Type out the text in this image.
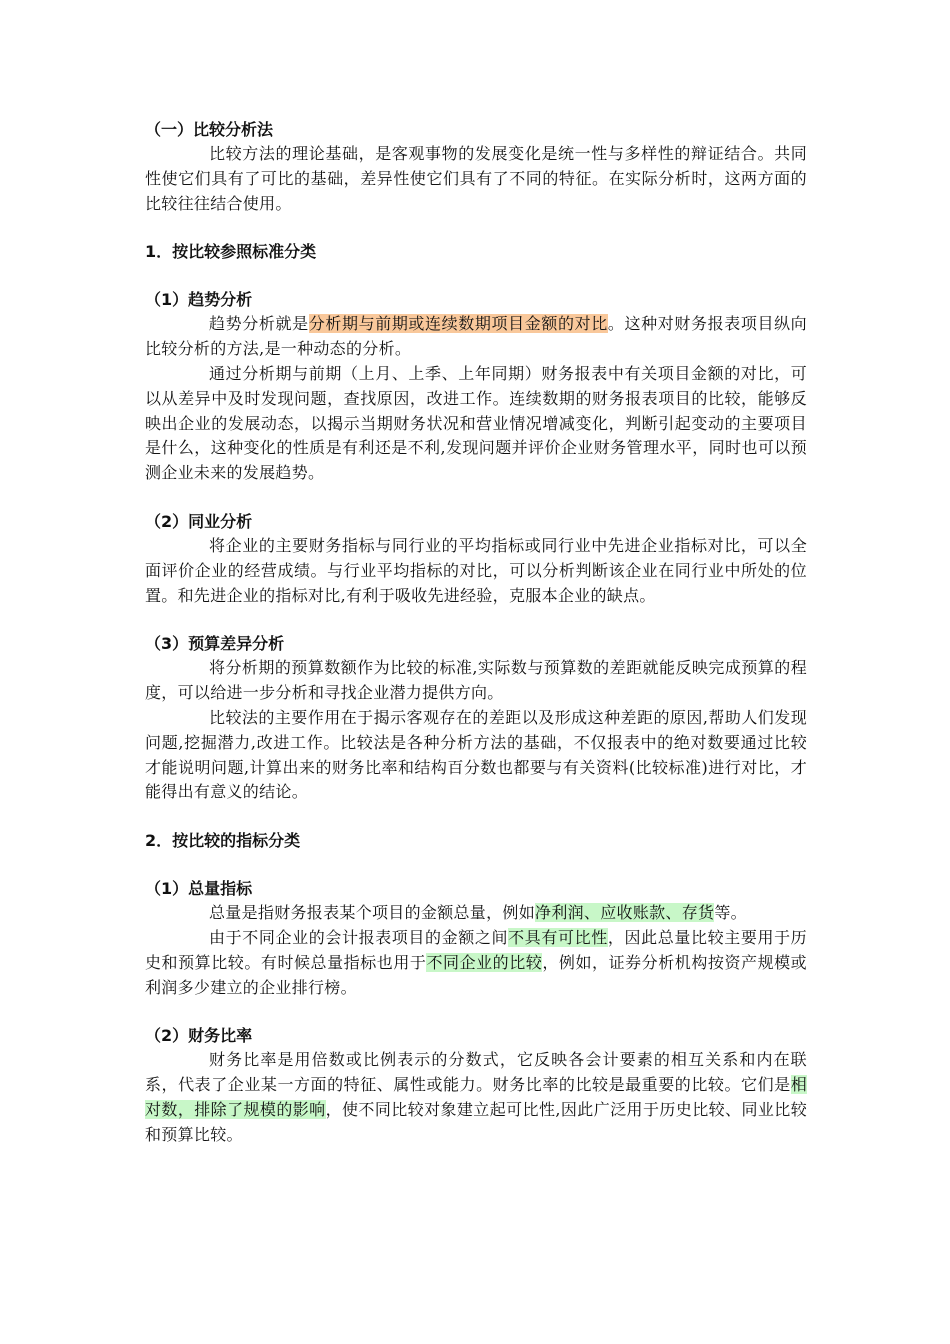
（一）比较分析法

比较方法的理论基础，是客观事物的发展变化是统一性与多样性的辩证结合。共同性使它们具有了可比的基础，差异性使它们具有了不同的特征。在实际分析时，这两方面的比较往往结合使用。

1．按比较参照标准分类

（1）趋势分析

趋势分析就是分析期与前期或连续数期项目金额的对比。这种对财务报表项目纵向比较分析的方法,是一种动态的分析。

通过分析期与前期（上月、上季、上年同期）财务报表中有关项目金额的对比，可以从差异中及时发现问题，查找原因，改进工作。连续数期的财务报表项目的比较，能够反映出企业的发展动态，以揭示当期财务状况和营业情况增减变化，判断引起变动的主要项目是什么，这种变化的性质是有利还是不利,发现问题并评价企业财务管理水平，同时也可以预测企业未来的发展趋势。

（2）同业分析

将企业的主要财务指标与同行业的平均指标或同行业中先进企业指标对比，可以全面评价企业的经营成绩。与行业平均指标的对比，可以分析判断该企业在同行业中所处的位置。和先进企业的指标对比,有利于吸收先进经验，克服本企业的缺点。

（3）预算差异分析

将分析期的预算数额作为比较的标准,实际数与预算数的差距就能反映完成预算的程度，可以给进一步分析和寻找企业潜力提供方向。

比较法的主要作用在于揭示客观存在的差距以及形成这种差距的原因,帮助人们发现问题,挖掘潜力,改进工作。比较法是各种分析方法的基础，不仅报表中的绝对数要通过比较才能说明问题,计算出来的财务比率和结构百分数也都要与有关资料(比较标准)进行对比，才能得出有意义的结论。

2．按比较的指标分类

（1）总量指标

总量是指财务报表某个项目的金额总量，例如净利润、应收账款、存货等。

由于不同企业的会计报表项目的金额之间不具有可比性，因此总量比较主要用于历史和预算比较。有时候总量指标也用于不同企业的比较，例如，证券分析机构按资产规模或利润多少建立的企业排行榜。

（2）财务比率

财务比率是用倍数或比例表示的分数式，它反映各会计要素的相互关系和内在联系，代表了企业某一方面的特征、属性或能力。财务比率的比较是最重要的比较。它们是相对数，排除了规模的影响，使不同比较对象建立起可比性,因此广泛用于历史比较、同业比较和预算比较。
